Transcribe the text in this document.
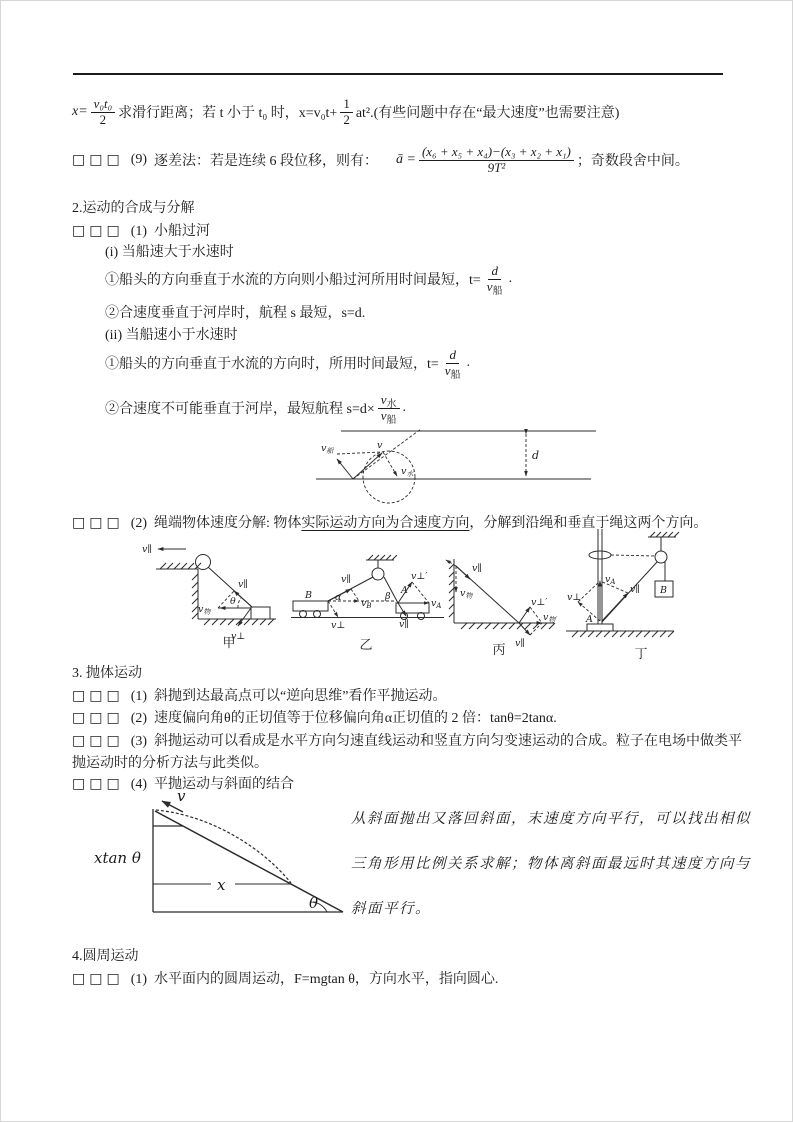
$x= \frac{\text{v₀t₀}}{2}$ 求滑行距离；若 t 小于 t₀ 时，$x=v_0t+ \frac{1}{2} at^2$.(有些问题中存在“最大速度”也需要注意)
□□□ (9) 逐差法：若是连续 6 段位移，则有： ā = $\frac{\text{(x₆ + x₅ + x₄)−(x₃ + x₂ + x₁)}}{\text{9T²}}$ ；奇数段舍中间。
2.运动的合成与分解
□□□ (1) 小船过河
(i) 当船速大于水速时
①船头的方向垂直于水流的方向则小船过河所用时间最短，$t= \frac{d}{v_船}$ .
②合速度垂直于河岸时，航程 s 最短，s=d.
(ii) 当船速小于水速时
①船头的方向垂直于水流的方向时，所用时间最短，$t= \frac{d}{v_船}$ .
②合速度不可能垂直于河岸，最短航程 $s=d\times \frac{v_水}{v_船}$ .
$v_船$	v
$v_水$
d
□□□ (2) 绳端物体速度分解: 物体实际运动方向为合速度方向，分解到沿绳和垂直于绳这两个方向。
v∥
v∥
θ
$v_物$
v⊥
甲
B
v∥
α
$v_B$
v⊥
β
A
v⊥′
$v_A$
v∥
乙
v∥
$v_物$
v⊥′
$v_{物'}$
v∥
丙
$v_A$
v∥
v⊥
A
B
丁
3. 抛体运动
□□□ (1) 斜抛到达最高点可以“逆向思维”看作平抛运动。
□□□ (2) 速度偏向角θ的正切值等于位移偏向角α正切值的 2 倍：tanθ=2tanα.
□□□ (3) 斜抛运动可以看成是水平方向匀速直线运动和竖直方向匀变速运动的合成。粒子在电场中做类平抛运动时的分析方法与此类似。
□□□ (4) 平抛运动与斜面的结合
v
xtan θ
x
θ
从斜面抛出又落回斜面，末速度方向平行，可以找出相似
三角形用比例关系求解；物体离斜面最远时其速度方向与
斜面平行。
4.圆周运动
□□□ (1) 水平面内的圆周运动，F=mgtan θ，方向水平，指向圆心.
